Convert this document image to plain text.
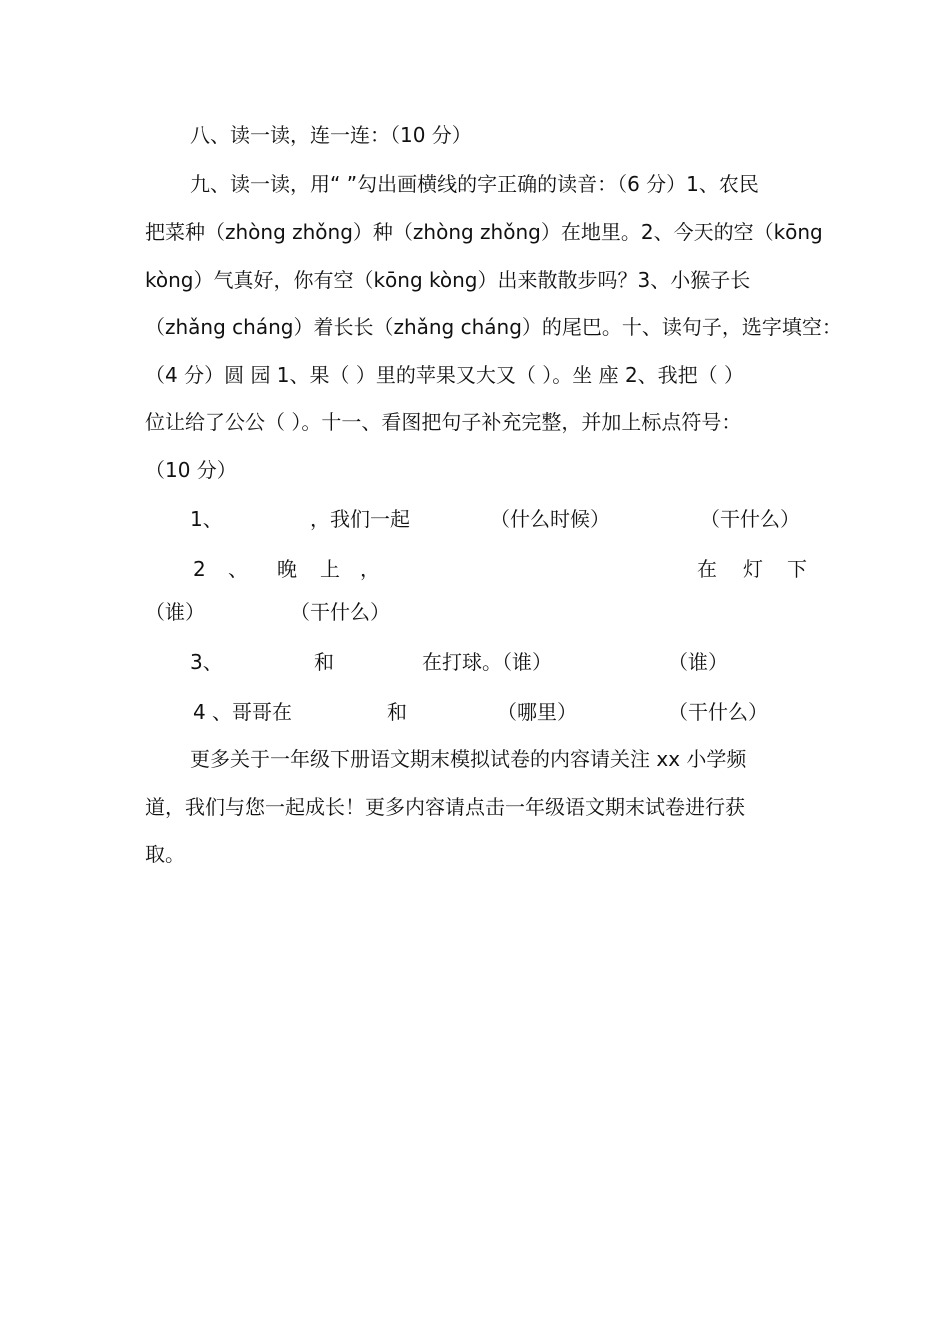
八、读一读，连一连：（10 分）
九、读一读，用“ ”勾出画横线的字正确的读音：（6 分）1、农民
把菜种（zhòng zhǒng）种（zhòng zhǒng）在地里。2、今天的空（kōng
kòng）气真好，你有空（kōng kòng）出来散散步吗？3、小猴子长
（zhǎng cháng）着长长（zhǎng cháng）的尾巴。十、读句子，选字填空：
（4 分）圆 园 1、果（ ）里的苹果又大又（ ）。坐 座 2、我把（ ）
位让给了公公（ ）。十一、看图把句子补充完整，并加上标点符号：
（10 分）
1、	，我们一起	（什么时候）	（干什么）
2 、 晚 上 ，	在 灯 下
（谁）	（干什么）
3、	和	在打球。（谁）	（谁）
4 、哥哥在	和	（哪里）	（干什么）
更多关于一年级下册语文期末模拟试卷的内容请关注 xx 小学频
道，我们与您一起成长！更多内容请点击一年级语文期末试卷进行获
取。
